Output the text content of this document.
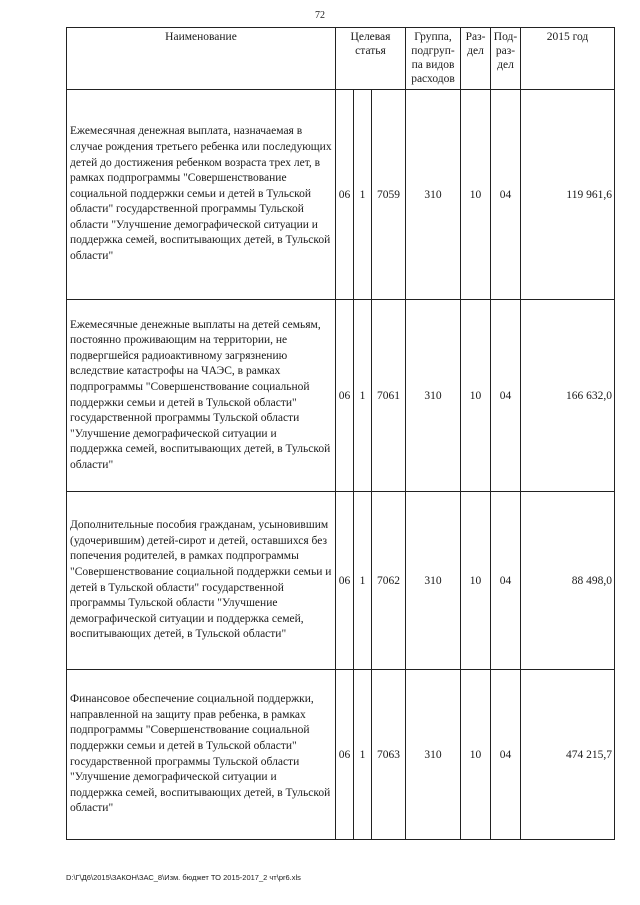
72
Наименование	Целевая статья			Группа, подгруп-па видов расходов	Раз-дел	Под-раз-дел	2015 год
Ежемесячная денежная выплата, назначаемая в случае рождения третьего ребенка или последующих детей до достижения ребенком возраста трех лет, в рамках подпрограммы "Совершенствование социальной поддержки семьи и детей в Тульской области" государственной программы Тульской области "Улучшение демографической ситуации и поддержка семей, воспитывающих детей, в Тульской области"	06	1	7059	310	10	04	119 961,6
Ежемесячные денежные выплаты на детей семьям, постоянно проживающим на территории, не подвергшейся радиоактивному загрязнению вследствие катастрофы на ЧАЭС, в рамках подпрограммы "Совершенствование социальной поддержки семьи и детей в Тульской области" государственной программы Тульской области "Улучшение демографической ситуации и поддержка семей, воспитывающих детей, в Тульской области"	06	1	7061	310	10	04	166 632,0
Дополнительные пособия гражданам, усыновившим (удочерившим) детей-сирот и детей, оставшихся без попечения родителей, в рамках подпрограммы "Совершенствование социальной поддержки семьи и детей в Тульской области" государственной программы Тульской области "Улучшение демографической ситуации и поддержка семей, воспитывающих детей, в Тульской области"	06	1	7062	310	10	04	88 498,0
Финансовое обеспечение социальной поддержки, направленной на защиту прав ребенка, в рамках подпрограммы "Совершенствование социальной поддержки семьи и детей в Тульской области" государственной программы Тульской области "Улучшение демографической ситуации и поддержка семей, воспитывающих детей, в Тульской области"	06	1	7063	310	10	04	474 215,7
D:\Г\Д6\2015\ЗАКОН\ЗАС_8\Изм. бюджет ТО 2015-2017_2 чт\pr6.xls
